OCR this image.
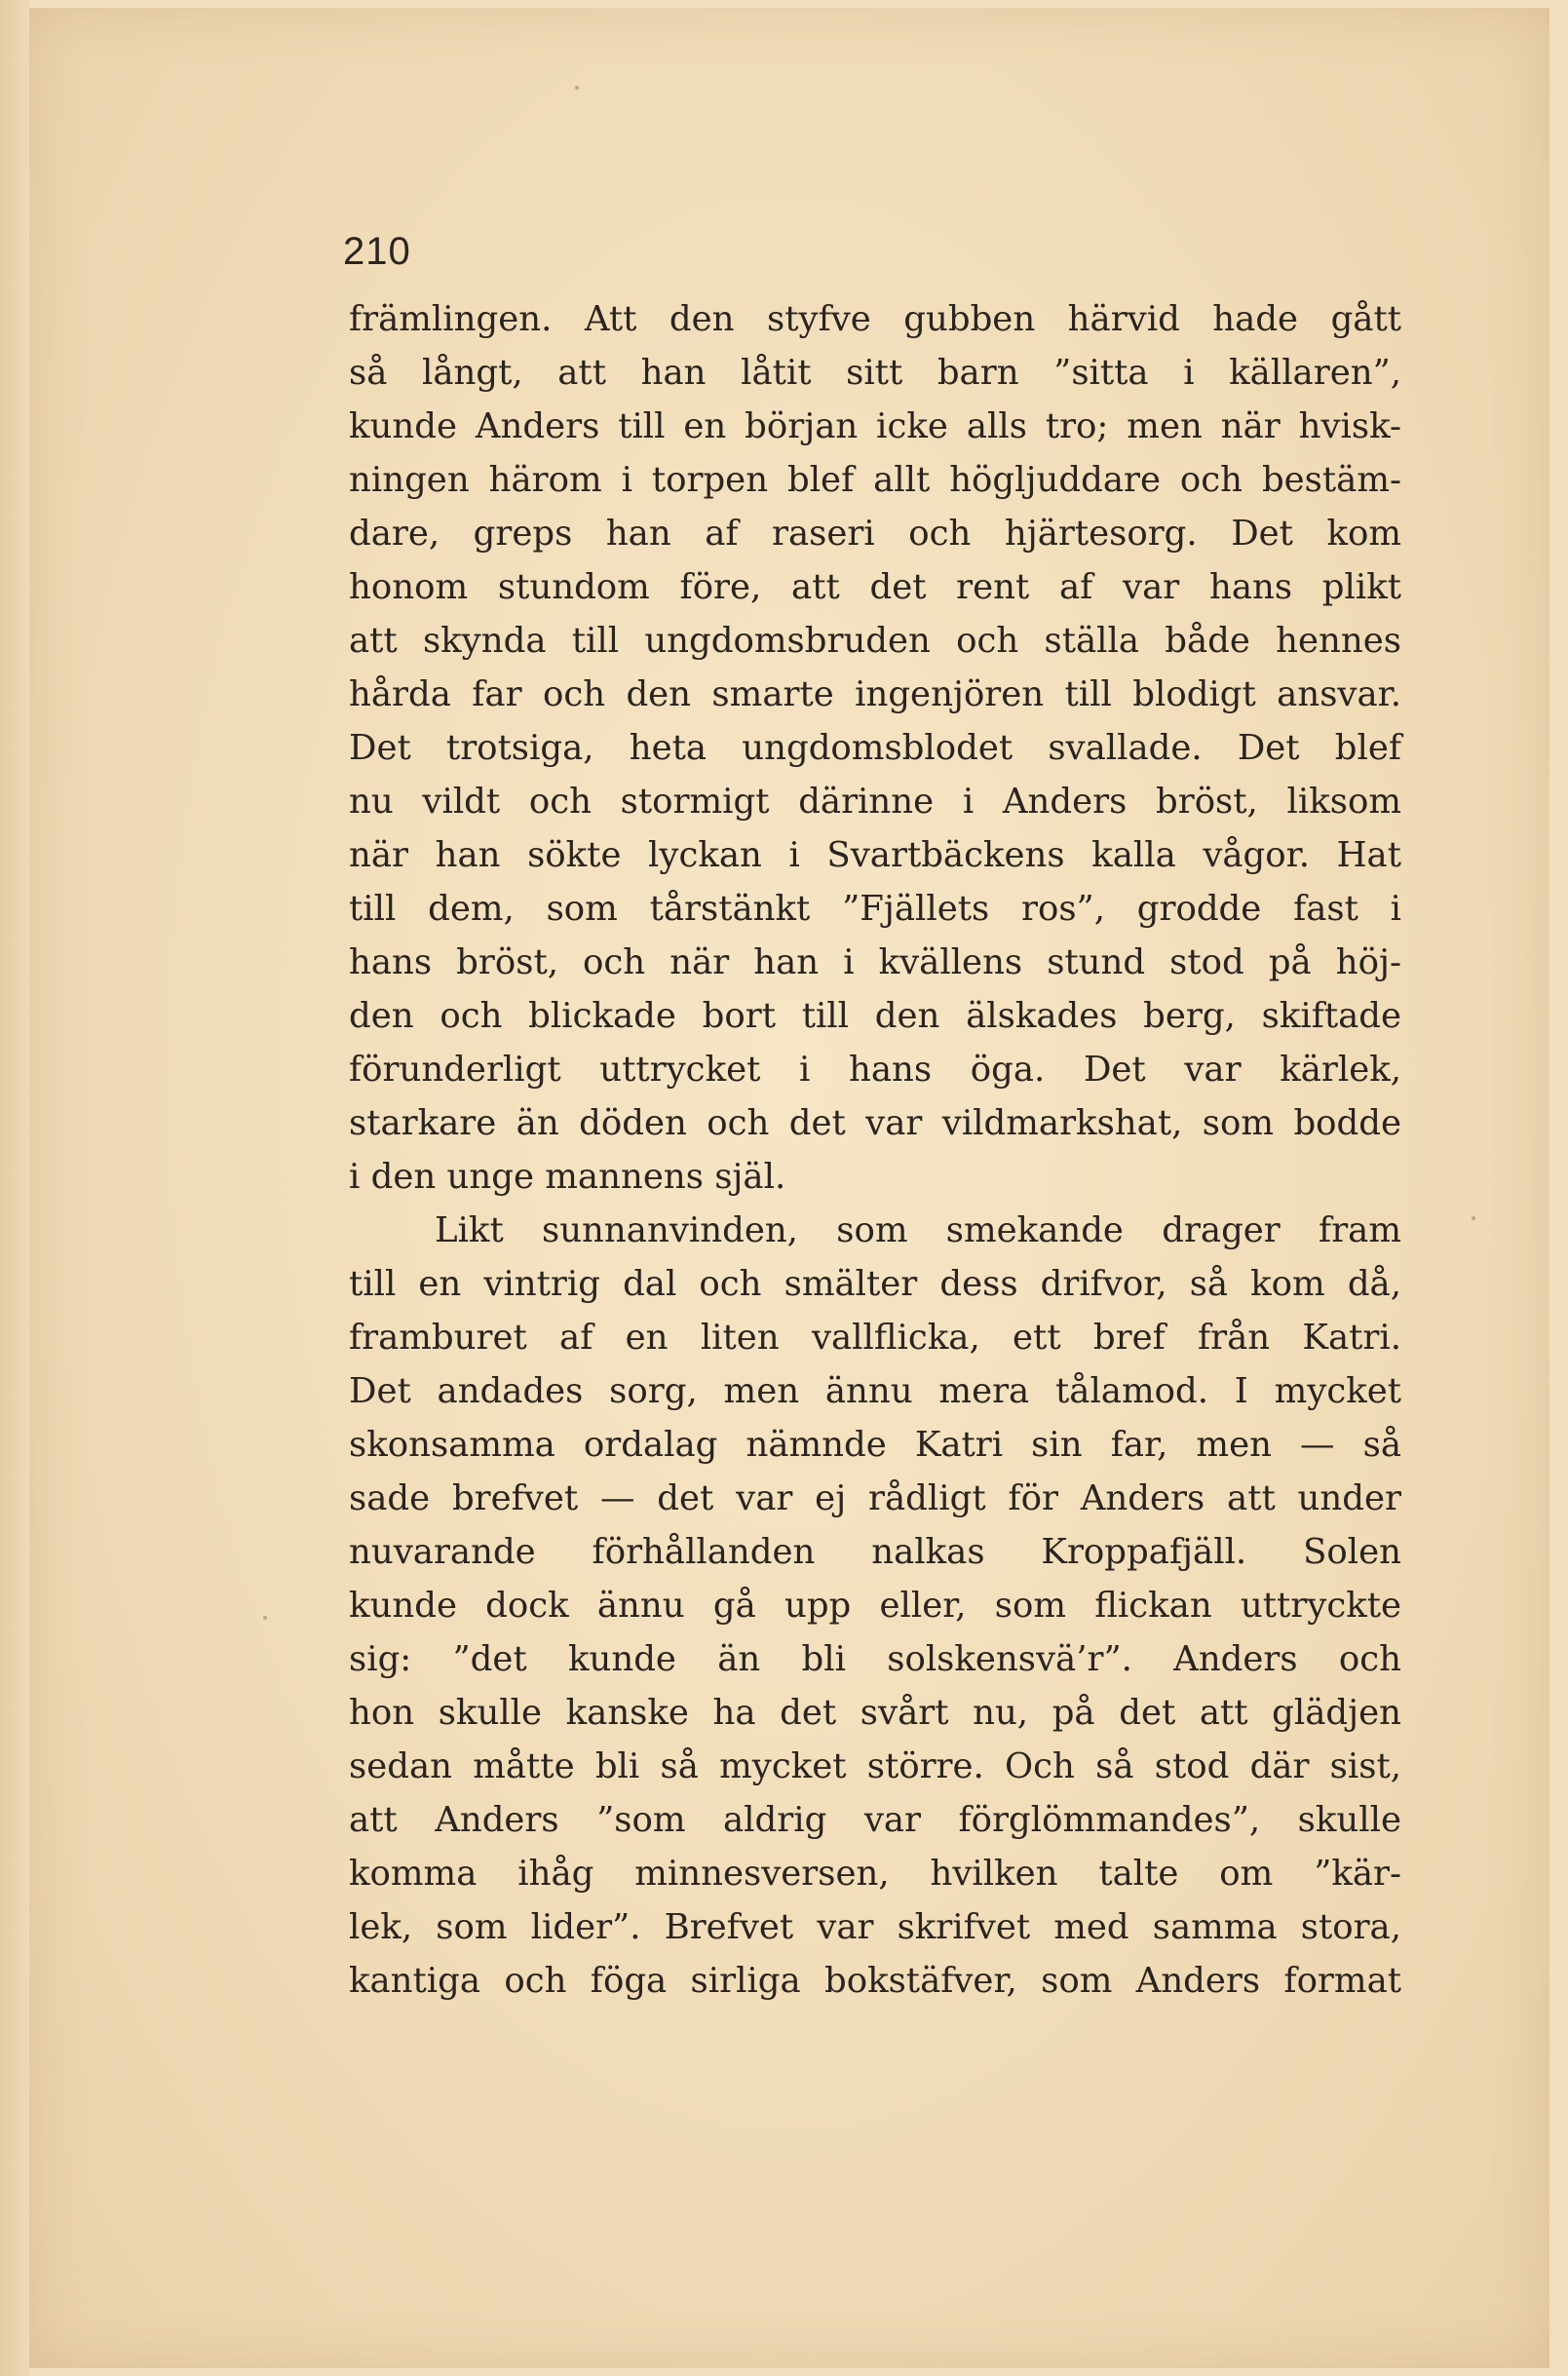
210
främlingen. Att den styfve gubben härvid hade gått
så långt, att han låtit sitt barn ”sitta i källaren”,
kunde Anders till en början icke alls tro; men när hvisk-
ningen härom i torpen blef allt högljuddare och bestäm-
dare, greps han af raseri och hjärtesorg. Det kom
honom stundom före, att det rent af var hans plikt
att skynda till ungdomsbruden och ställa både hennes
hårda far och den smarte ingenjören till blodigt ansvar.
Det trotsiga, heta ungdomsblodet svallade. Det blef
nu vildt och stormigt därinne i Anders bröst, liksom
när han sökte lyckan i Svartbäckens kalla vågor. Hat
till dem, som tårstänkt ”Fjällets ros”, grodde fast i
hans bröst, och när han i kvällens stund stod på höj-
den och blickade bort till den älskades berg, skiftade
förunderligt uttrycket i hans öga. Det var kärlek,
starkare än döden och det var vildmarkshat, som bodde
i den unge mannens själ.
Likt sunnanvinden, som smekande drager fram
till en vintrig dal och smälter dess drifvor, så kom då,
framburet af en liten vallflicka, ett bref från Katri.
Det andades sorg, men ännu mera tålamod. I mycket
skonsamma ordalag nämnde Katri sin far, men — så
sade brefvet — det var ej rådligt för Anders att under
nuvarande förhållanden nalkas Kroppafjäll. Solen
kunde dock ännu gå upp eller, som flickan uttryckte
sig: ”det kunde än bli solskensvä’r”. Anders och
hon skulle kanske ha det svårt nu, på det att glädjen
sedan måtte bli så mycket större. Och så stod där sist,
att Anders ”som aldrig var förglömmandes”, skulle
komma ihåg minnesversen, hvilken talte om ”kär-
lek, som lider”. Brefvet var skrifvet med samma stora,
kantiga och föga sirliga bokstäfver, som Anders format
